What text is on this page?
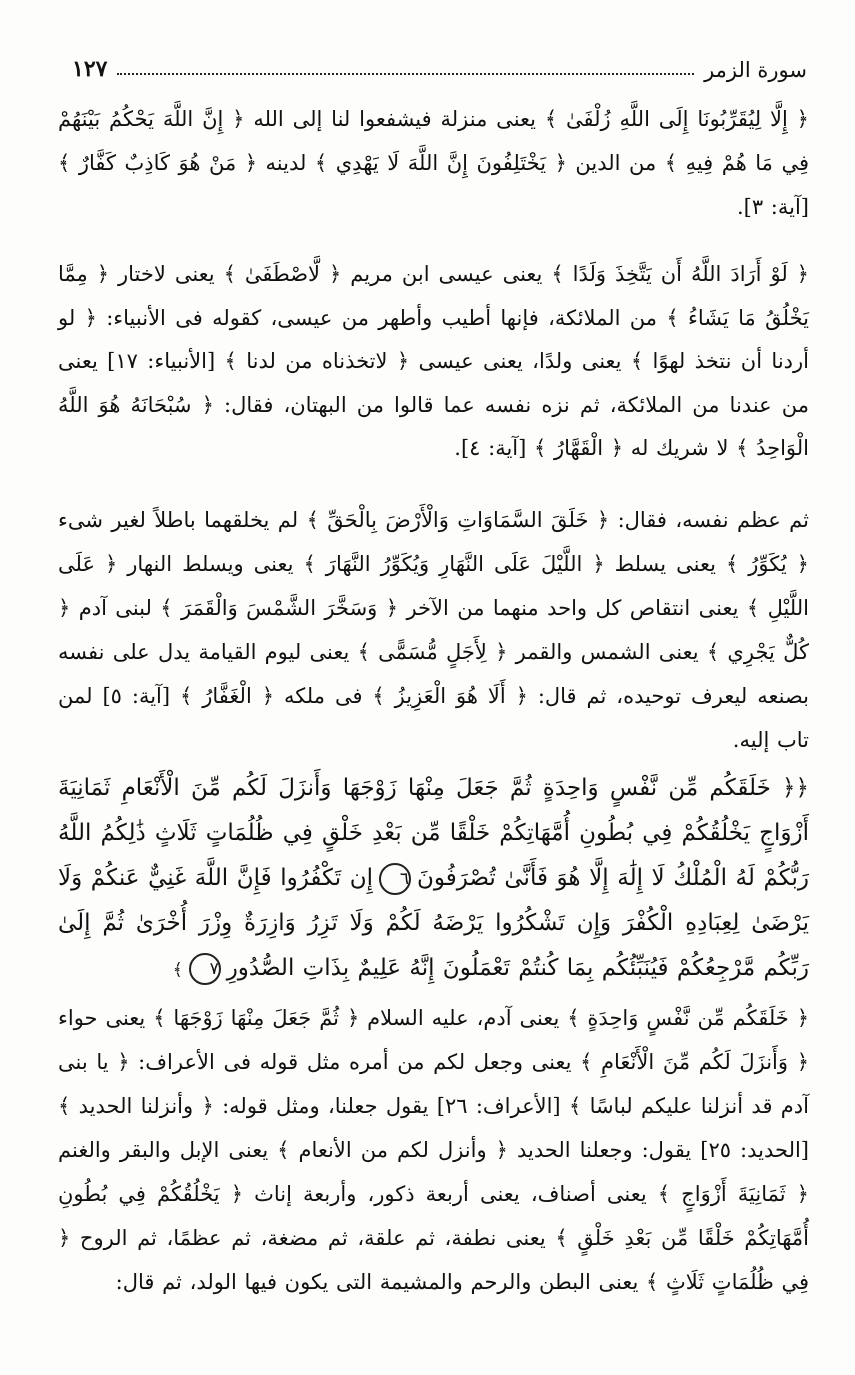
سورة الزمر
١٢٧

﴿ إِلَّا لِيُقَرِّبُونَا إِلَى اللَّهِ زُلْفَىٰ ﴾ يعنى منزلة فيشفعوا لنا إلى الله ﴿ إِنَّ اللَّهَ يَحْكُمُ بَيْنَهُمْ فِي مَا هُمْ فِيهِ ﴾ من الدين ﴿ يَخْتَلِفُونَ إِنَّ اللَّهَ لَا يَهْدِي ﴾ لدينه ﴿ مَنْ هُوَ كَاذِبٌ كَفَّارٌ ﴾ [آية: ٣].

﴿ لَوْ أَرَادَ اللَّهُ أَن يَتَّخِذَ وَلَدًا ﴾ يعنى عيسى ابن مريم ﴿ لَّاصْطَفَىٰ ﴾ يعنى لاختار ﴿ مِمَّا يَخْلُقُ مَا يَشَاءُ ﴾ من الملائكة، فإنها أطيب وأطهر من عيسى، كقوله فى الأنبياء: ﴿ لو أردنا أن نتخذ لهوًا ﴾ يعنى ولدًا، يعنى عيسى ﴿ لاتخذناه من لدنا ﴾ [الأنبياء: ١٧] يعنى من عندنا من الملائكة، ثم نزه نفسه عما قالوا من البهتان، فقال: ﴿ سُبْحَانَهُ هُوَ اللَّهُ الْوَاحِدُ ﴾ لا شريك له ﴿ الْقَهَّارُ ﴾ [آية: ٤].

ثم عظم نفسه، فقال: ﴿ خَلَقَ السَّمَاوَاتِ وَالْأَرْضَ بِالْحَقِّ ﴾ لم يخلقهما باطلاً لغير شىء ﴿ يُكَوِّرُ ﴾ يعنى يسلط ﴿ اللَّيْلَ عَلَى النَّهَارِ وَيُكَوِّرُ النَّهَارَ ﴾ يعنى ويسلط النهار ﴿ عَلَى اللَّيْلِ ﴾ يعنى انتقاص كل واحد منهما من الآخر ﴿ وَسَخَّرَ الشَّمْسَ وَالْقَمَرَ ﴾ لبنى آدم ﴿ كُلٌّ يَجْرِي ﴾ يعنى الشمس والقمر ﴿ لِأَجَلٍ مُّسَمًّى ﴾ يعنى ليوم القيامة يدل على نفسه بصنعه ليعرف توحيده، ثم قال: ﴿ أَلَا هُوَ الْعَزِيزُ ﴾ فى ملكه ﴿ الْغَفَّارُ ﴾ [آية: ٥] لمن تاب إليه.

﴿﴿ خَلَقَكُم مِّن نَّفْسٍ وَاحِدَةٍ ثُمَّ جَعَلَ مِنْهَا زَوْجَهَا وَأَنزَلَ لَكُم مِّنَ الْأَنْعَامِ ثَمَانِيَةَ أَزْوَاجٍ يَخْلُقُكُمْ فِي بُطُونِ أُمَّهَاتِكُمْ خَلْقًا مِّن بَعْدِ خَلْقٍ فِي ظُلُمَاتٍ ثَلَاثٍ ذَٰلِكُمُ اللَّهُ رَبُّكُمْ لَهُ الْمُلْكُ لَا إِلَٰهَ إِلَّا هُوَ فَأَنَّىٰ تُصْرَفُونَ٦إِن تَكْفُرُوا فَإِنَّ اللَّهَ غَنِيٌّ عَنكُمْ وَلَا يَرْضَىٰ لِعِبَادِهِ الْكُفْرَ وَإِن تَشْكُرُوا يَرْضَهُ لَكُمْ وَلَا تَزِرُ وَازِرَةٌ وِزْرَ أُخْرَىٰ ثُمَّ إِلَىٰ رَبِّكُم مَّرْجِعُكُمْ فَيُنَبِّئُكُم بِمَا كُنتُمْ تَعْمَلُونَ إِنَّهُ عَلِيمٌ بِذَاتِ الصُّدُورِ٧﴾

﴿ خَلَقَكُم مِّن نَّفْسٍ وَاحِدَةٍ ﴾ يعنى آدم، عليه السلام ﴿ ثُمَّ جَعَلَ مِنْهَا زَوْجَهَا ﴾ يعنى حواء ﴿ وَأَنزَلَ لَكُم مِّنَ الْأَنْعَامِ ﴾ يعنى وجعل لكم من أمره مثل قوله فى الأعراف: ﴿ يا بنى آدم قد أنزلنا عليكم لباسًا ﴾ [الأعراف: ٢٦] يقول جعلنا، ومثل قوله: ﴿ وأنزلنا الحديد ﴾ [الحديد: ٢٥] يقول: وجعلنا الحديد ﴿ وأنزل لكم من الأنعام ﴾ يعنى الإبل والبقر والغنم ﴿ ثَمَانِيَةَ أَزْوَاجٍ ﴾ يعنى أصناف، يعنى أربعة ذكور، وأربعة إناث ﴿ يَخْلُقُكُمْ فِي بُطُونِ أُمَّهَاتِكُمْ خَلْقًا مِّن بَعْدِ خَلْقٍ ﴾ يعنى نطفة، ثم علقة، ثم مضغة، ثم عظمًا، ثم الروح ﴿ فِي ظُلُمَاتٍ ثَلَاثٍ ﴾ يعنى البطن والرحم والمشيمة التى يكون فيها الولد، ثم قال:
